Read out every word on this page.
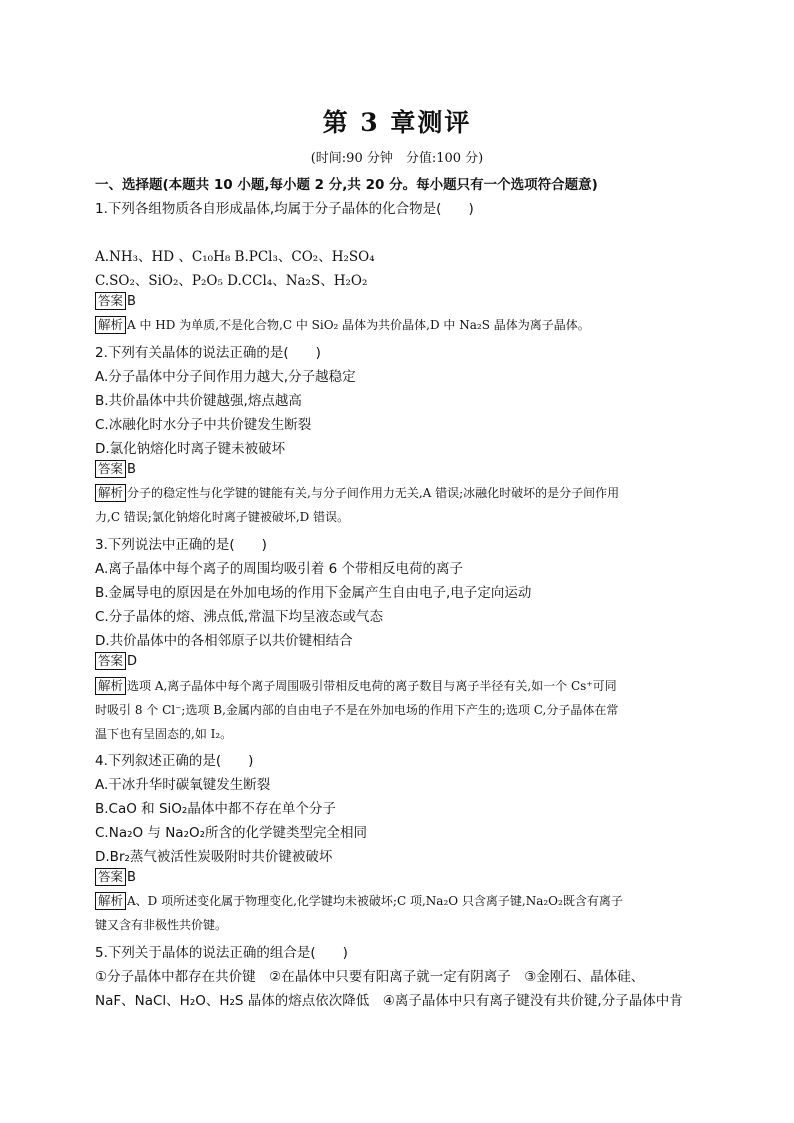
第 3 章测评
(时间:90 分钟　分值:100 分)
一、选择题(本题共 10 小题,每小题 2 分,共 20 分。每小题只有一个选项符合题意)
1.下列各组物质各自形成晶体,均属于分子晶体的化合物是(　　)
A.NH₃、HD 、C₁₀H₈ B.PCl₃、CO₂、H₂SO₄
C.SO₂、SiO₂、P₂O₅ D.CCl₄、Na₂S、H₂O₂
答案 B
解析 A 中 HD 为单质,不是化合物,C 中 SiO₂ 晶体为共价晶体,D 中 Na₂S 晶体为离子晶体。
2.下列有关晶体的说法正确的是(　　)
A.分子晶体中分子间作用力越大,分子越稳定
B.共价晶体中共价键越强,熔点越高
C.冰融化时水分子中共价键发生断裂
D.氯化钠熔化时离子键未被破坏
答案 B
解析 分子的稳定性与化学键的键能有关,与分子间作用力无关,A 错误;冰融化时破坏的是分子间作用
力,C 错误;氯化钠熔化时离子键被破坏,D 错误。
3.下列说法中正确的是(　　)
A.离子晶体中每个离子的周围均吸引着 6 个带相反电荷的离子
B.金属导电的原因是在外加电场的作用下金属产生自由电子,电子定向运动
C.分子晶体的熔、沸点低,常温下均呈液态或气态
D.共价晶体中的各相邻原子以共价键相结合
答案 D
解析 选项 A,离子晶体中每个离子周围吸引带相反电荷的离子数目与离子半径有关,如一个 Cs⁺可同
时吸引 8 个 Cl⁻;选项 B,金属内部的自由电子不是在外加电场的作用下产生的;选项 C,分子晶体在常
温下也有呈固态的,如 I₂。
4.下列叙述正确的是(　　)
A.干冰升华时碳氧键发生断裂
B.CaO 和 SiO₂晶体中都不存在单个分子
C.Na₂O 与 Na₂O₂所含的化学键类型完全相同
D.Br₂蒸气被活性炭吸附时共价键被破坏
答案 B
解析 A、D 项所述变化属于物理变化,化学键均未被破坏;C 项,Na₂O 只含离子键,Na₂O₂既含有离子
键又含有非极性共价键。
5.下列关于晶体的说法正确的组合是(　　)
①分子晶体中都存在共价键　②在晶体中只要有阳离子就一定有阴离子　③金刚石、晶体硅、
NaF、NaCl、H₂O、H₂S 晶体的熔点依次降低　④离子晶体中只有离子键没有共价键,分子晶体中肯
